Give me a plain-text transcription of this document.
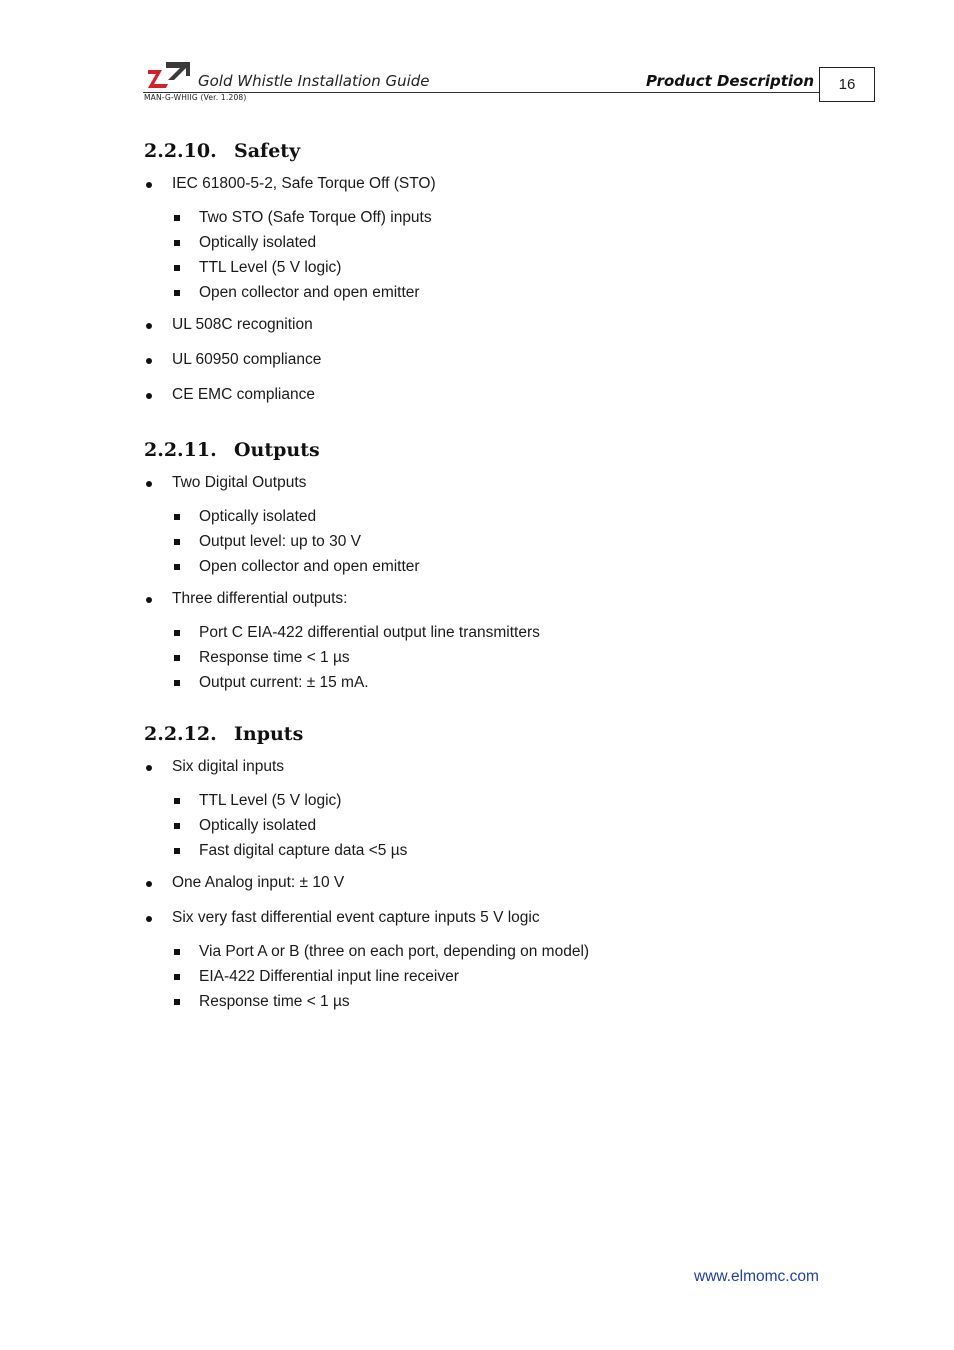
Gold Whistle Installation Guide	Product Description	16
MAN-G-WHIIG (Ver. 1.208)
2.2.10. Safety
IEC 61800-5-2, Safe Torque Off (STO)
Two STO (Safe Torque Off) inputs
Optically isolated
TTL Level (5 V logic)
Open collector and open emitter
UL 508C recognition
UL 60950 compliance
CE EMC compliance
2.2.11. Outputs
Two Digital Outputs
Optically isolated
Output level: up to 30 V
Open collector and open emitter
Three differential outputs:
Port C EIA-422 differential output line transmitters
Response time < 1 µs
Output current: ± 15 mA.
2.2.12. Inputs
Six digital inputs
TTL Level (5 V logic)
Optically isolated
Fast digital capture data <5 µs
One Analog input: ± 10 V
Six very fast differential event capture inputs 5 V logic
Via Port A or B (three on each port, depending on model)
EIA-422 Differential input line receiver
Response time < 1 µs
www.elmomc.com
